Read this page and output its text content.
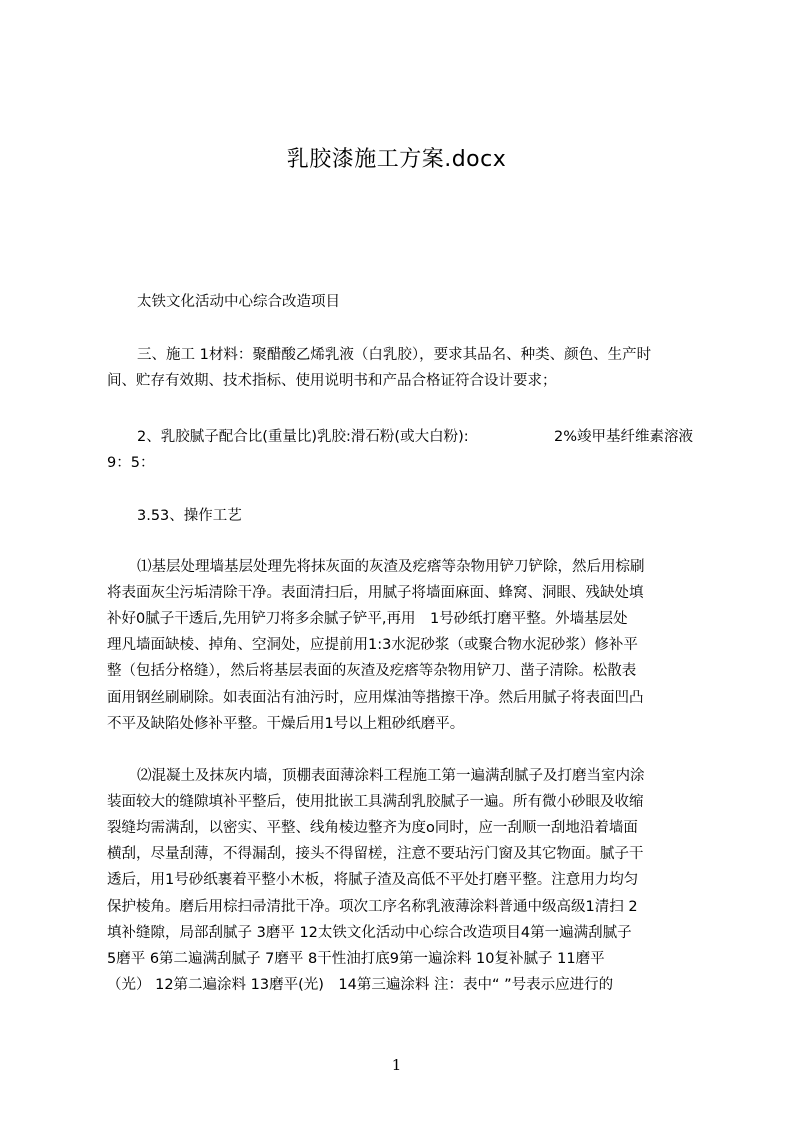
乳胶漆施工方案.docx
太铁文化活动中心综合改造项目
三、施工 1材料：聚醋酸乙烯乳液（白乳胶），要求其品名、种类、颜色、生产时
间、贮存有效期、技术指标、使用说明书和产品合格证符合设计要求；
2、乳胶腻子配合比(重量比)乳胶:滑石粉(或大白粉):	2%竣甲基纤维素溶液
9：5：
3.53、操作工艺
⑴基层处理墙基层处理先将抹灰面的灰渣及疙瘩等杂物用铲刀铲除，然后用棕刷
将表面灰尘污垢清除干净。表面清扫后，用腻子将墙面麻面、蜂窝、洞眼、残缺处填
补好0腻子干透后,先用铲刀将多余腻子铲平,再用　1号砂纸打磨平整。外墙基层处
理凡墙面缺棱、掉角、空洞处，应提前用1:3水泥砂浆（或聚合物水泥砂浆）修补平
整（包括分格缝），然后将基层表面的灰渣及疙瘩等杂物用铲刀、凿子清除。松散表
面用钢丝刷刷除。如表面沾有油污时，应用煤油等揩擦干净。然后用腻子将表面凹凸
不平及缺陷处修补平整。干燥后用1号以上粗砂纸磨平。
⑵混凝土及抹灰内墙，顶棚表面薄涂料工程施工第一遍满刮腻子及打磨当室内涂
装面较大的缝隙填补平整后，使用批嵌工具满刮乳胶腻子一遍。所有微小砂眼及收缩
裂缝均需满刮，以密实、平整、线角棱边整齐为度o同时，应一刮顺一刮地沿着墙面
横刮，尽量刮薄，不得漏刮，接头不得留槎，注意不要玷污门窗及其它物面。腻子干
透后，用1号砂纸裹着平整小木板，将腻子渣及高低不平处打磨平整。注意用力均匀
保护棱角。磨后用棕扫帚清批干净。项次工序名称乳液薄涂料普通中级高级1清扫 2
填补缝隙，局部刮腻子 3磨平 12太铁文化活动中心综合改造项目4第一遍满刮腻子
5磨平 6第二遍满刮腻子 7磨平 8干性油打底9第一遍涂料 10复补腻子 11磨平
（光） 12第二遍涂料 13磨平(光)　14第三遍涂料 注：表中“ ”号表示应进行的
1
